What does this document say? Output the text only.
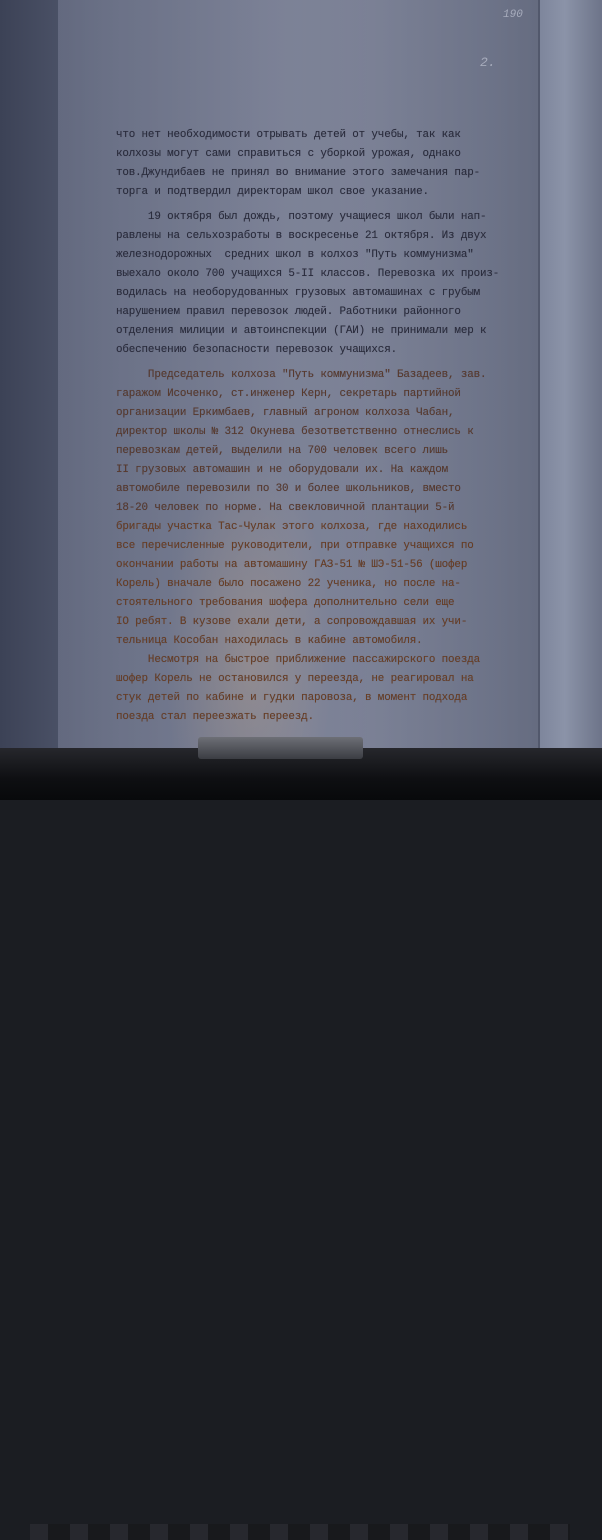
190
2.
что нет необходимости отрывать детей от учебы, так как
колхозы могут сами справиться с уборкой урожая, однако
тов.Джундибаев не принял во внимание этого замечания пар-
торга и подтвердил директорам школ свое указание.
19 октября был дождь, поэтому учащиеся школ были нап-
равлены на сельхозработы в воскресенье 21 октября. Из двух
железнодорожных  средних школ в колхоз "Путь коммунизма"
выехало около 700 учащихся 5-II классов. Перевозка их произ-
водилась на необорудованных грузовых автомашинах с грубым
нарушением правил перевозок людей. Работники районного
отделения милиции и автоинспекции (ГАИ) не принимали мер к
обеспечению безопасности перевозок учащихся.
Председатель колхоза "Путь коммунизма" Базадеев, зав.
гаражом Исоченко, ст.инженер Керн, секретарь партийной
организации Еркимбаев, главный агроном колхоза Чабан,
директор школы № 312 Окунева безответственно отнеслись к
перевозкам детей, выделили на 700 человек всего лишь
II грузовых автомашин и не оборудовали их. На каждом
автомобиле перевозили по 30 и более школьников, вместо
18-20 человек по норме. На свекловичной плантации 5-й
бригады участка Тас-Чулак этого колхоза, где находились
все перечисленные руководители, при отправке учащихся по
окончании работы на автомашину ГАЗ-51 № ШЭ-51-56 (шофер
Корель) вначале было посажено 22 ученика, но после на-
стоятельного требования шофера дополнительно сели еще
IO ребят. В кузове ехали дети, а сопровождавшая их учи-
тельница Кособан находилась в кабине автомобиля.
Несмотря на быстрое приближение пассажирского поезда
шофер Корель не остановился у переезда, не реагировал на
стук детей по кабине и гудки паровоза, в момент подхода
поезда стал переезжать переезд.
